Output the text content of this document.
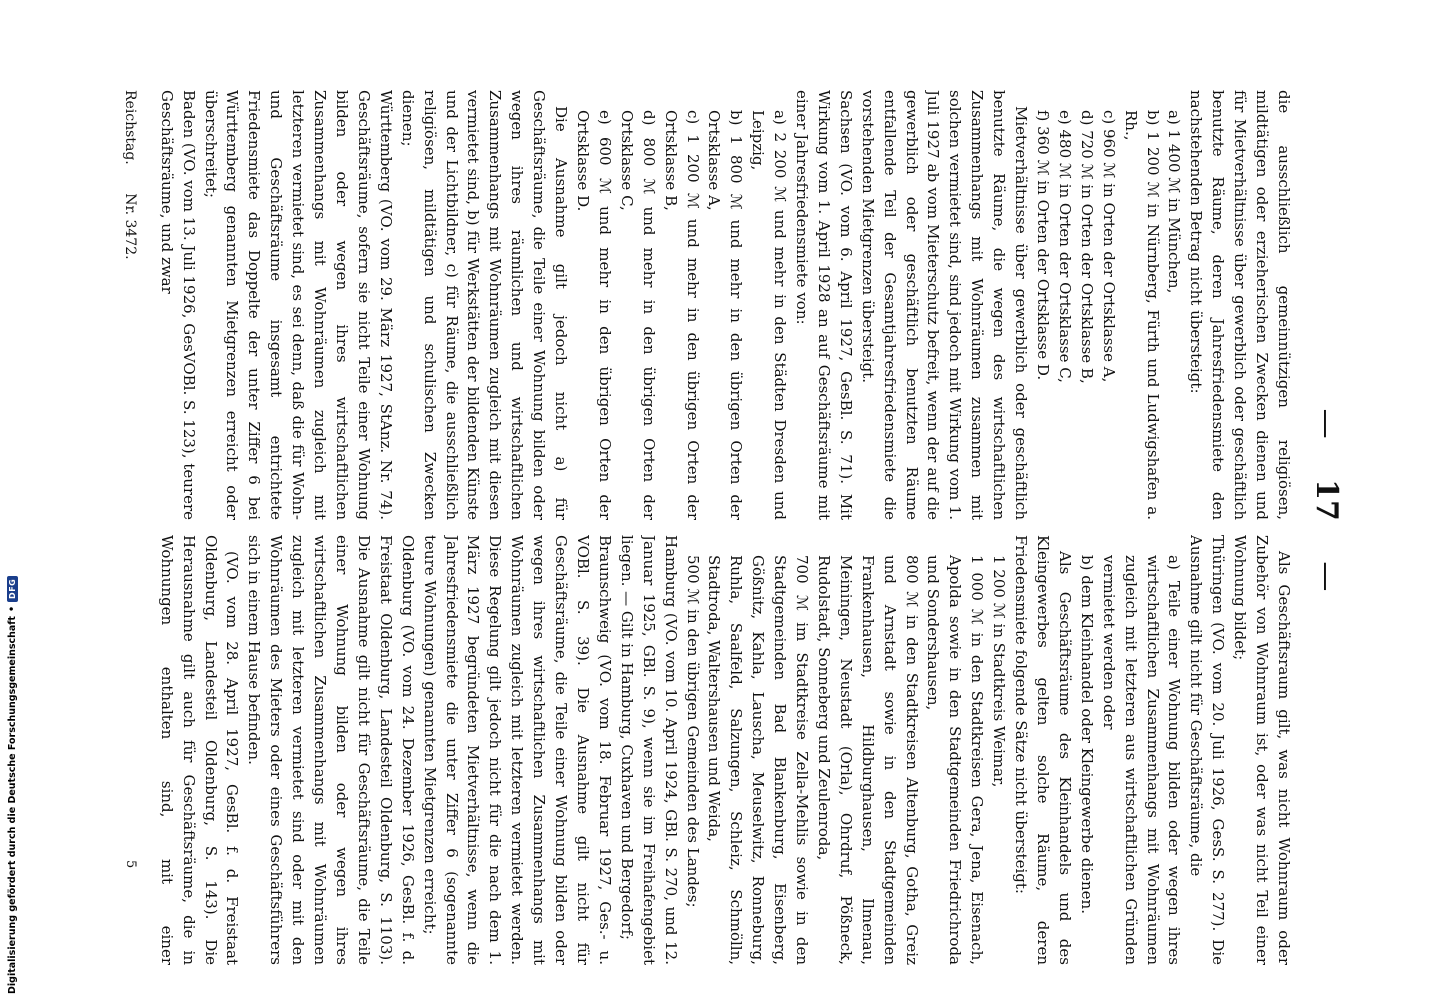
— 17 —

die ausschließlich gemeinnützigen religiösen, mildtätigen oder erzieherischen Zwecken dienen und für Mietverhältnisse über gewerblich oder geschäftlich benutzte Räume, deren Jahresfriedensmiete den nachstehenden Betrag nicht übersteigt:

a) 1 400 ℳ in München,

b) 1 200 ℳ in Nürnberg, Fürth und Ludwigshafen a. Rh.,

c) 960 ℳ in Orten der Ortsklasse A,

d) 720 ℳ in Orten der Ortsklasse B,

e) 480 ℳ in Orten der Ortsklasse C,

f) 360 ℳ in Orten der Ortsklasse D.

Mietverhältnisse über gewerblich oder geschäftlich benutzte Räume, die wegen des wirtschaftlichen Zusammenhangs mit Wohnräumen zusammen mit solchen vermietet sind, sind jedoch mit Wirkung vom 1. Juli 1927 ab vom Mieterschutz befreit, wenn der auf die gewerblich oder geschäftlich benutzten Räume entfallende Teil der Gesamtjahresfriedensmiete die vorstehenden Mietgrenzen übersteigt.

Sachsen (VO. vom 6. April 1927, GesBl. S. 71). Mit Wirkung vom 1. April 1928 an auf Geschäftsräume mit einer Jahresfriedensmiete von:

a) 2 200 ℳ und mehr in den Städten Dresden und Leipzig,

b) 1 800 ℳ und mehr in den übrigen Orten der Ortsklasse A,

c) 1 200 ℳ und mehr in den übrigen Orten der Ortsklasse B,

d) 800 ℳ und mehr in den übrigen Orten der Ortsklasse C,

e) 600 ℳ und mehr in den übrigen Orten der Ortsklasse D.

Die Ausnahme gilt jedoch nicht a) für Geschäftsräume, die Teile einer Wohnung bilden oder wegen ihres räumlichen und wirtschaftlichen Zusammenhangs mit Wohnräumen zugleich mit diesen vermietet sind, b) für Werkstätten der bildenden Künste und der Lichtbildner, c) für Räume, die ausschließlich religiösen, mildtätigen und schulischen Zwecken dienen;

Württemberg (VO. vom 29. März 1927, StAnz. Nr. 74). Geschäftsräume, sofern sie nicht Teile einer Wohnung bilden oder wegen ihres wirtschaftlichen Zusammenhangs mit Wohnräumen zugleich mit letzteren vermietet sind, es sei denn, daß die für Wohn- und Geschäftsräume insgesamt entrichtete Friedensmiete das Doppelte der unter Ziffer 6 bei Württemberg genannten Mietgrenzen erreicht oder überschreitet;

Baden (VO. vom 13. Juli 1926, GesVOBl. S. 123), teurere Geschäftsräume, und zwar

Als Geschäftsraum gilt, was nicht Wohnraum oder Zubehör von Wohnraum ist, oder was nicht Teil einer Wohnung bildet;

Thüringen (VO. vom 20. Juli 1926, GesS. S. 277). Die Ausnahme gilt nicht für Geschäftsräume, die

a) Teile einer Wohnung bilden oder wegen ihres wirtschaftlichen Zusammenhangs mit Wohnräumen zugleich mit letzteren aus wirtschaftlichen Gründen vermietet werden oder

b) dem Kleinhandel oder Kleingewerbe dienen.

Als Geschäftsräume des Kleinhandels und des Kleingewerbes gelten solche Räume, deren Friedensmiete folgende Sätze nicht übersteigt:

1 200 ℳ in Stadtkreis Weimar,

1 000 ℳ in den Stadtkreisen Gera, Jena, Eisenach, Apolda sowie in den Stadtgemeinden Friedrichroda und Sondershausen,

800 ℳ in den Stadtkreisen Altenburg, Gotha, Greiz und Arnstadt sowie in den Stadtgemeinden Frankenhausen, Hildburghausen, Ilmenau, Meiningen, Neustadt (Orla), Ohrdruf, Pößneck, Rudolstadt, Sonneberg und Zeulenroda,

700 ℳ im Stadtkreise Zella-Mehlis sowie in den Stadtgemeinden Bad Blankenburg, Eisenberg, Gößnitz, Kahla, Lauscha, Meuselwitz, Ronneburg, Ruhla, Saalfeld, Salzungen, Schleiz, Schmölln, Stadtroda, Waltershausen und Weida,

500 ℳ in den übrigen Gemeinden des Landes;

Hamburg (VO. vom 10. April 1924, GBl. S. 270, und 12. Januar 1925, GBl. S. 9), wenn sie im Freihafengebiet liegen. — Gilt in Hamburg, Cuxhaven und Bergedorf;

Braunschweig (VO. vom 18. Februar 1927, Ges.- u. VOBl. S. 39). Die Ausnahme gilt nicht für Geschäftsräume, die Teile einer Wohnung bilden oder wegen ihres wirtschaftlichen Zusammenhangs mit Wohnräumen zugleich mit letzteren vermietet werden. Diese Regelung gilt jedoch nicht für die nach dem 1. März 1927 begründeten Mietverhältnisse, wenn die Jahresfriedensmiete die unter Ziffer 6 (sogenannte teure Wohnungen) genannten Mietgrenzen erreicht;

Oldenburg (VO. vom 24. Dezember 1926, GesBl. f. d. Freistaat Oldenburg, Landesteil Oldenburg, S. 1103). Die Ausnahme gilt nicht für Geschäftsräume, die Teile einer Wohnung bilden oder wegen ihres wirtschaftlichen Zusammenhangs mit Wohnräumen zugleich mit letzteren vermietet sind oder mit den Wohnräumen des Mieters oder eines Geschäftsführers sich in einem Hause befinden.

(VO. vom 28. April 1927, GesBl. f. d. Freistaat Oldenburg, Landesteil Oldenburg, S. 143). Die Herausnahme gilt auch für Geschäftsräume, die in Wohnungen enthalten sind, mit einer

Reichstag. Nr. 3472.
5
Digitalisierung gefördert durch die Deutsche Forschungsgemeinschaft
•
DFG
